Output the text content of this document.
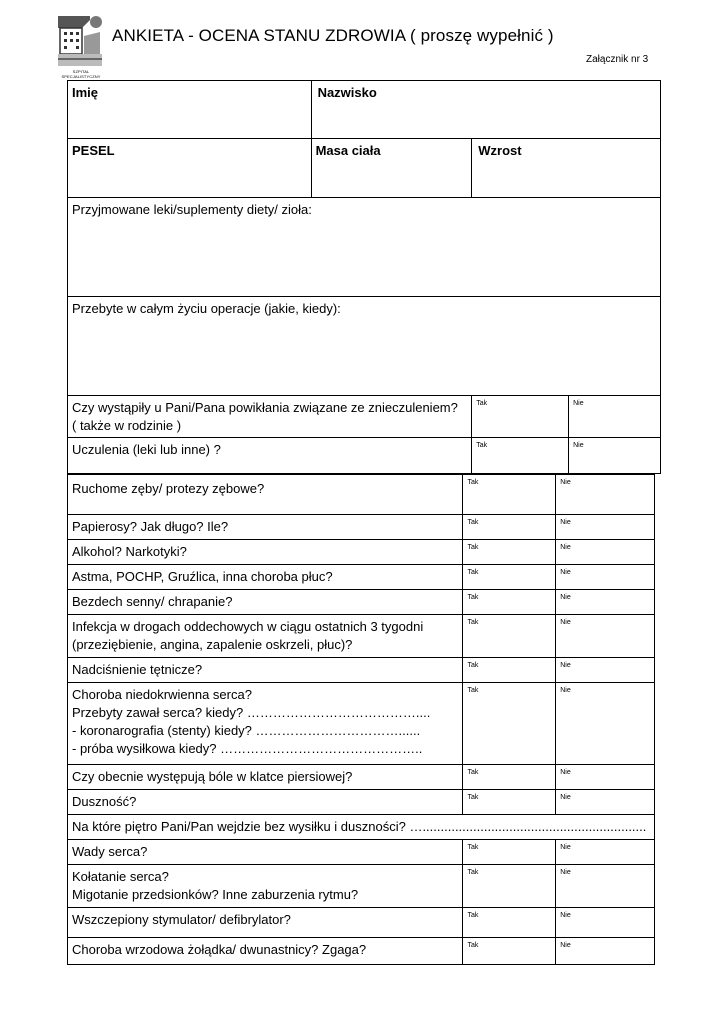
SZPITAL SPECJALISTYCZNY
ANKIETA - OCENA STANU ZDROWIA ( proszę wypełnić )
Załącznik nr 3
Imię	Nazwisko		
PESEL	Masa ciała	Wzrost	
Przyjmowane leki/suplementy diety/ zioła:			
Przebyte w całym życiu operacje (jakie, kiedy):			

Czy wystąpiły u Pani/Pana powikłania związane ze znieczuleniem?
( także w rodzinie )		Tak	Nie
Uczulenia (leki lub inne) ?		Tak	Nie
Ruchome zęby/ protezy zębowe?	Tak	Nie
Papierosy? Jak długo? Ile?	Tak	Nie
Alkohol? Narkotyki?	Tak	Nie
Astma, POCHP, Gruźlica, inna choroba płuc?	Tak	Nie
Bezdech senny/ chrapanie?	Tak	Nie

Infekcja w drogach oddechowych w ciągu ostatnich 3 tygodni
(przeziębienie, angina, zapalenie oskrzeli, płuc)?	Tak	Nie
Nadciśnienie tętnicze?	Tak	Nie

Choroba niedokrwienna serca?
Przebyty zawał serca? kiedy? …………………………………....
- koronarografia (stenty) kiedy? ……………………………......
- próba wysiłkowa kiedy? ………………………………………..	Tak	Nie
Czy obecnie występują bóle w klatce piersiowej?	Tak	Nie
Duszność?	Tak	Nie
Na które piętro Pani/Pan wejdzie bez wysiłku i duszności? …..............................................................		
Wady serca?	Tak	Nie

Kołatanie serca?
Migotanie przedsionków? Inne zaburzenia rytmu?	Tak	Nie
Wszczepiony stymulator/ defibrylator?	Tak	Nie
Choroba wrzodowa żołądka/ dwunastnicy? Zgaga?	Tak	Nie
